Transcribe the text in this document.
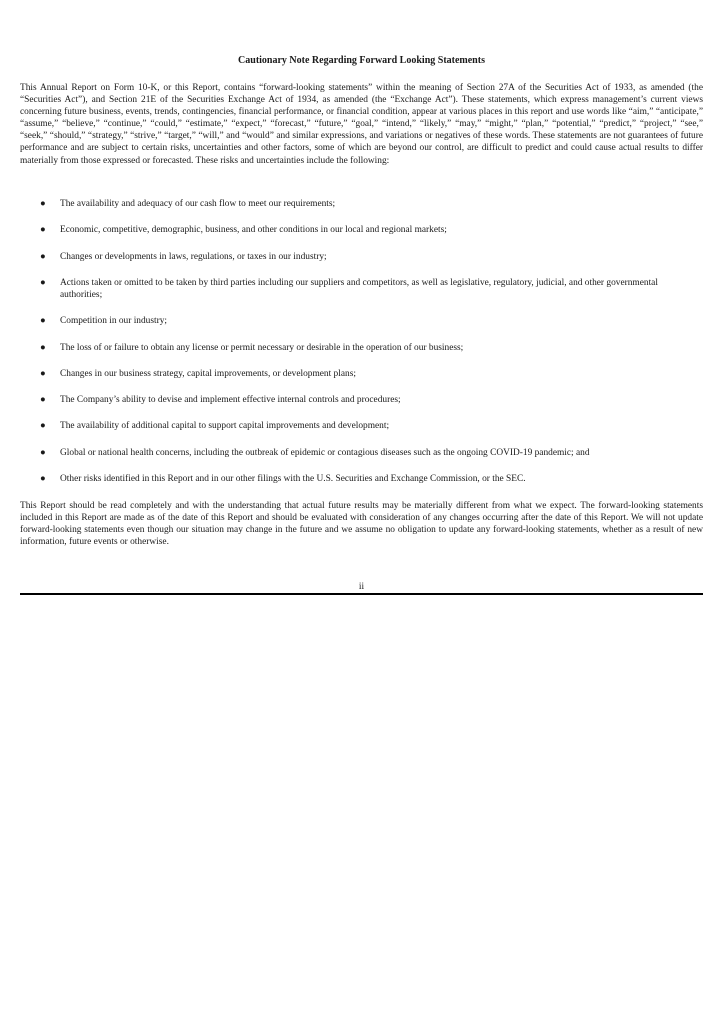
Cautionary Note Regarding Forward Looking Statements

This Annual Report on Form 10-K, or this Report, contains “forward-looking statements” within the meaning of Section 27A of the Securities Act of 1933, as amended (the “Securities Act”), and Section 21E of the Securities Exchange Act of 1934, as amended (the “Exchange Act”). These statements, which express management’s current views concerning future business, events, trends, contingencies, financial performance, or financial condition, appear at various places in this report and use words like “aim,” “anticipate,” “assume,” “believe,” “continue,” “could,” “estimate,” “expect,” “forecast,” “future,” “goal,” “intend,” “likely,” “may,” “might,” “plan,” “potential,” “predict,” “project,” “see,” “seek,” “should,” “strategy,” “strive,” “target,” “will,” and “would” and similar expressions, and variations or negatives of these words. These statements are not guarantees of future performance and are subject to certain risks, uncertainties and other factors, some of which are beyond our control, are difficult to predict and could cause actual results to differ materially from those expressed or forecasted. These risks and uncertainties include the following:

● The availability and adequacy of our cash flow to meet our requirements;
● Economic, competitive, demographic, business, and other conditions in our local and regional markets;
● Changes or developments in laws, regulations, or taxes in our industry;
● Actions taken or omitted to be taken by third parties including our suppliers and competitors, as well as legislative, regulatory, judicial, and other governmental authorities;
● Competition in our industry;
● The loss of or failure to obtain any license or permit necessary or desirable in the operation of our business;
● Changes in our business strategy, capital improvements, or development plans;
● The Company’s ability to devise and implement effective internal controls and procedures;
● The availability of additional capital to support capital improvements and development;
● Global or national health concerns, including the outbreak of epidemic or contagious diseases such as the ongoing COVID-19 pandemic; and
● Other risks identified in this Report and in our other filings with the U.S. Securities and Exchange Commission, or the SEC.

This Report should be read completely and with the understanding that actual future results may be materially different from what we expect. The forward-looking statements included in this Report are made as of the date of this Report and should be evaluated with consideration of any changes occurring after the date of this Report. We will not update forward-looking statements even though our situation may change in the future and we assume no obligation to update any forward-looking statements, whether as a result of new information, future events or otherwise.

ii
